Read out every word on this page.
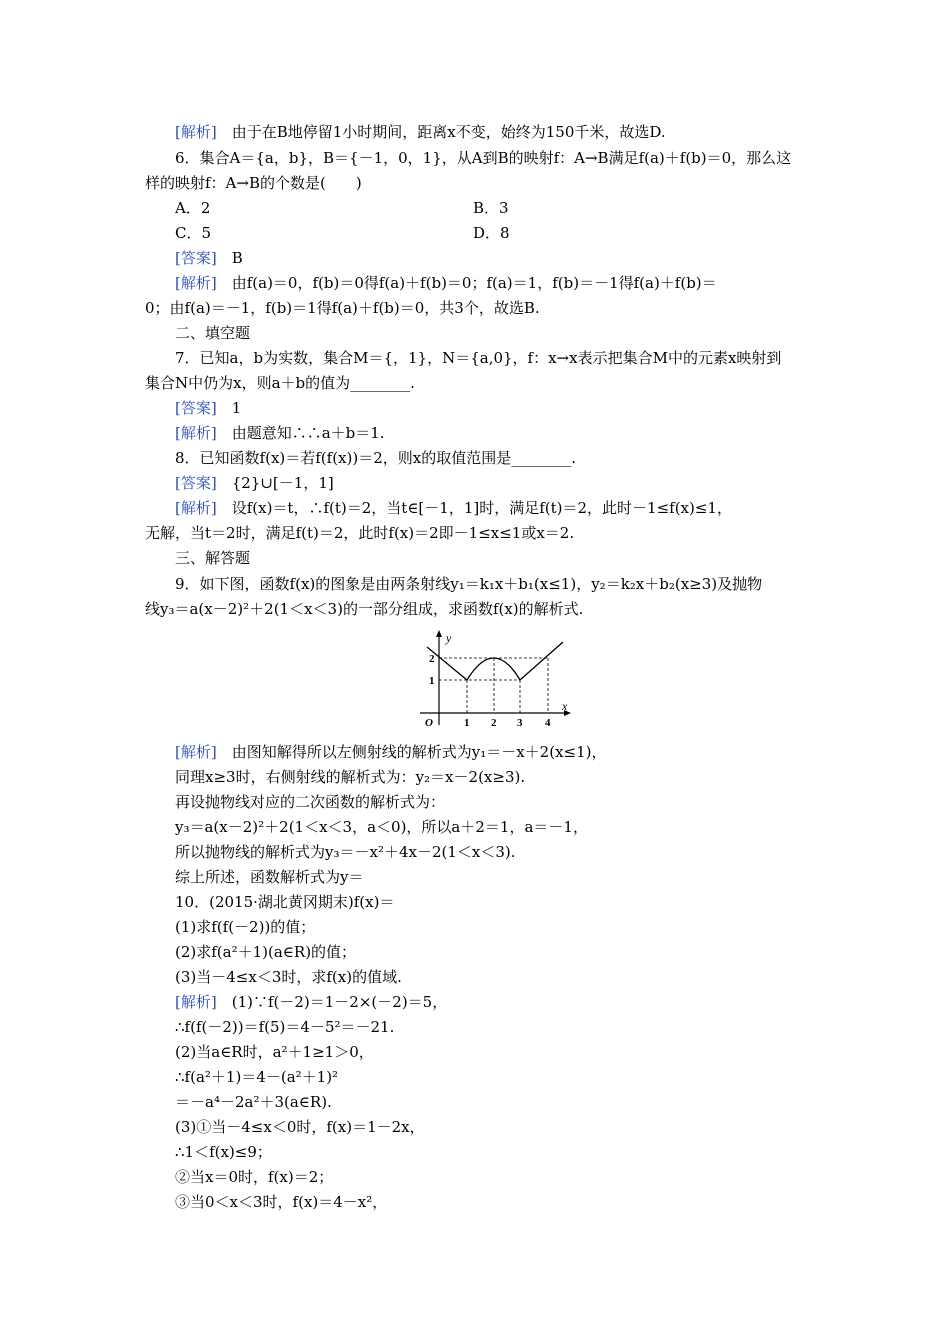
[解析]　由于在B地停留1小时期间，距离x不变，始终为150千米，故选D.
6．集合A＝{a，b}，B＝{－1，0，1}，从A到B的映射f：A→B满足f(a)＋f(b)＝0，那么这
样的映射f：A→B的个数是(　　)
A．2	B．3
C．5	D．8
[答案]　B
[解析]　由f(a)＝0，f(b)＝0得f(a)＋f(b)＝0；f(a)＝1，f(b)＝－1得f(a)＋f(b)＝
0；由f(a)＝－1，f(b)＝1得f(a)＋f(b)＝0，共3个，故选B.
二、填空题
7．已知a，b为实数，集合M＝{，1}，N＝{a,0}，f：x→x表示把集合M中的元素x映射到
集合N中仍为x，则a＋b的值为________.
[答案]　1
[解析]　由题意知∴∴a＋b＝1.
8．已知函数f(x)＝若f(f(x))＝2，则x的取值范围是________.
[答案]　{2}∪[－1，1]
[解析]　设f(x)＝t，∴f(t)＝2，当t∈[－1，1]时，满足f(t)＝2，此时－1≤f(x)≤1，
无解，当t＝2时，满足f(t)＝2，此时f(x)＝2即－1≤x≤1或x＝2.
三、解答题
9．如下图，函数f(x)的图象是由两条射线y₁＝k₁x＋b₁(x≤1)，y₂＝k₂x＋b₂(x≥3)及抛物
线y₃＝a(x－2)²＋2(1＜x＜3)的一部分组成，求函数f(x)的解析式.
y
x
O	1 2 3 4
1
2
[解析]　由图知解得所以左侧射线的解析式为y₁＝－x＋2(x≤1)，
同理x≥3时，右侧射线的解析式为：y₂＝x－2(x≥3).
再设抛物线对应的二次函数的解析式为：
y₃＝a(x－2)²＋2(1＜x＜3，a＜0)，所以a＋2＝1，a＝－1，
所以抛物线的解析式为y₃＝－x²＋4x－2(1＜x＜3).
综上所述，函数解析式为y＝
10．(2015·湖北黄冈期末)f(x)＝
(1)求f(f(－2))的值；
(2)求f(a²＋1)(a∈R)的值；
(3)当－4≤x＜3时，求f(x)的值域.
[解析]　(1)∵f(－2)＝1－2×(－2)＝5，
∴f(f(－2))＝f(5)＝4－5²＝－21.
(2)当a∈R时，a²＋1≥1＞0，
∴f(a²＋1)＝4－(a²＋1)²
＝－a⁴－2a²＋3(a∈R).
(3)①当－4≤x＜0时，f(x)＝1－2x，
∴1＜f(x)≤9；
②当x＝0时，f(x)＝2；
③当0＜x＜3时，f(x)＝4－x²，
